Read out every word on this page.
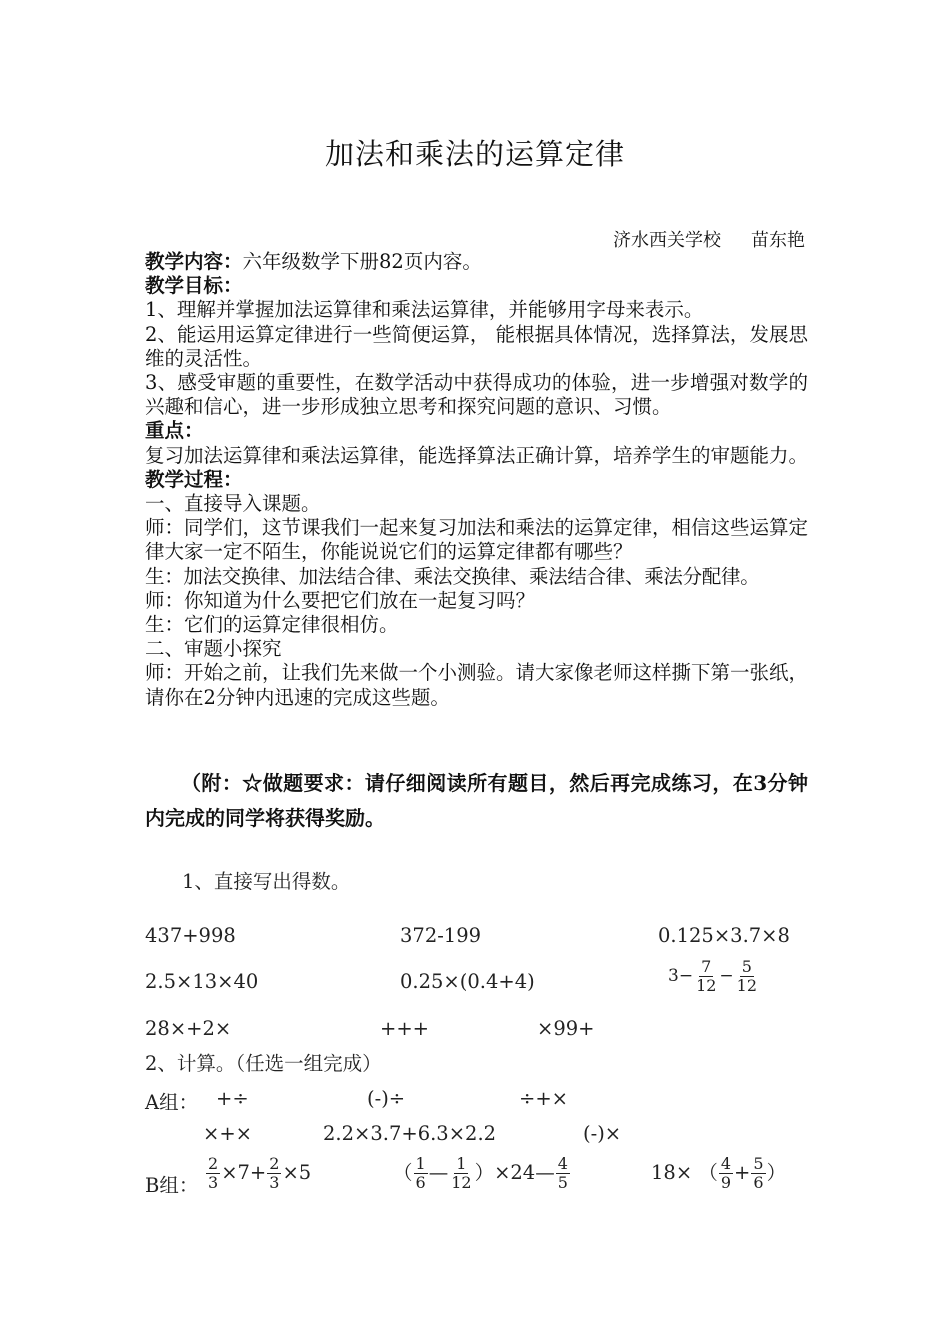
加法和乘法的运算定律
济水西关学校 苗东艳

教学内容：六年级数学下册82页内容。

教学目标：

1、理解并掌握加法运算律和乘法运算律，并能够用字母来表示。

2、能运用运算定律进行一些简便运算， 能根据具体情况，选择算法，发展思维的灵活性。

3、感受审题的重要性，在数学活动中获得成功的体验，进一步增强对数学的兴趣和信心，进一步形成独立思考和探究问题的意识、习惯。

重点：

复习加法运算律和乘法运算律，能选择算法正确计算，培养学生的审题能力。

教学过程：

一、直接导入课题。

师：同学们，这节课我们一起来复习加法和乘法的运算定律，相信这些运算定律大家一定不陌生，你能说说它们的运算定律都有哪些？

生：加法交换律、加法结合律、乘法交换律、乘法结合律、乘法分配律。

师：你知道为什么要把它们放在一起复习吗？

生：它们的运算定律很相仿。

二、审题小探究

师：开始之前，让我们先来做一个小测验。请大家像老师这样撕下第一张纸，请你在2分钟内迅速的完成这些题。

（附：☆做题要求：请仔细阅读所有题目，然后再完成练习，在3分钟内完成的同学将获得奖励。
1、直接写出得数。
437+998	372-199	0.125×3.7×8
2.5×13×40	0.25×(0.4+4)	$3- \frac{7}{12} - \frac{5}{12}$
28×+2×	+++	×99+
2、计算。（任选一组完成）
A组： +÷	(-)÷	÷+×
×+×	2.2×3.7+6.3×2.2	(-)×
B组： $\frac{2}{3} \times 7+ \frac{2}{3} \times 5$	（ $\frac{1}{6}$ — $\frac{1}{12}$ ）×24— $\frac{4}{5}$	18× （ $\frac{4}{9} + \frac{5}{6}$ ）
